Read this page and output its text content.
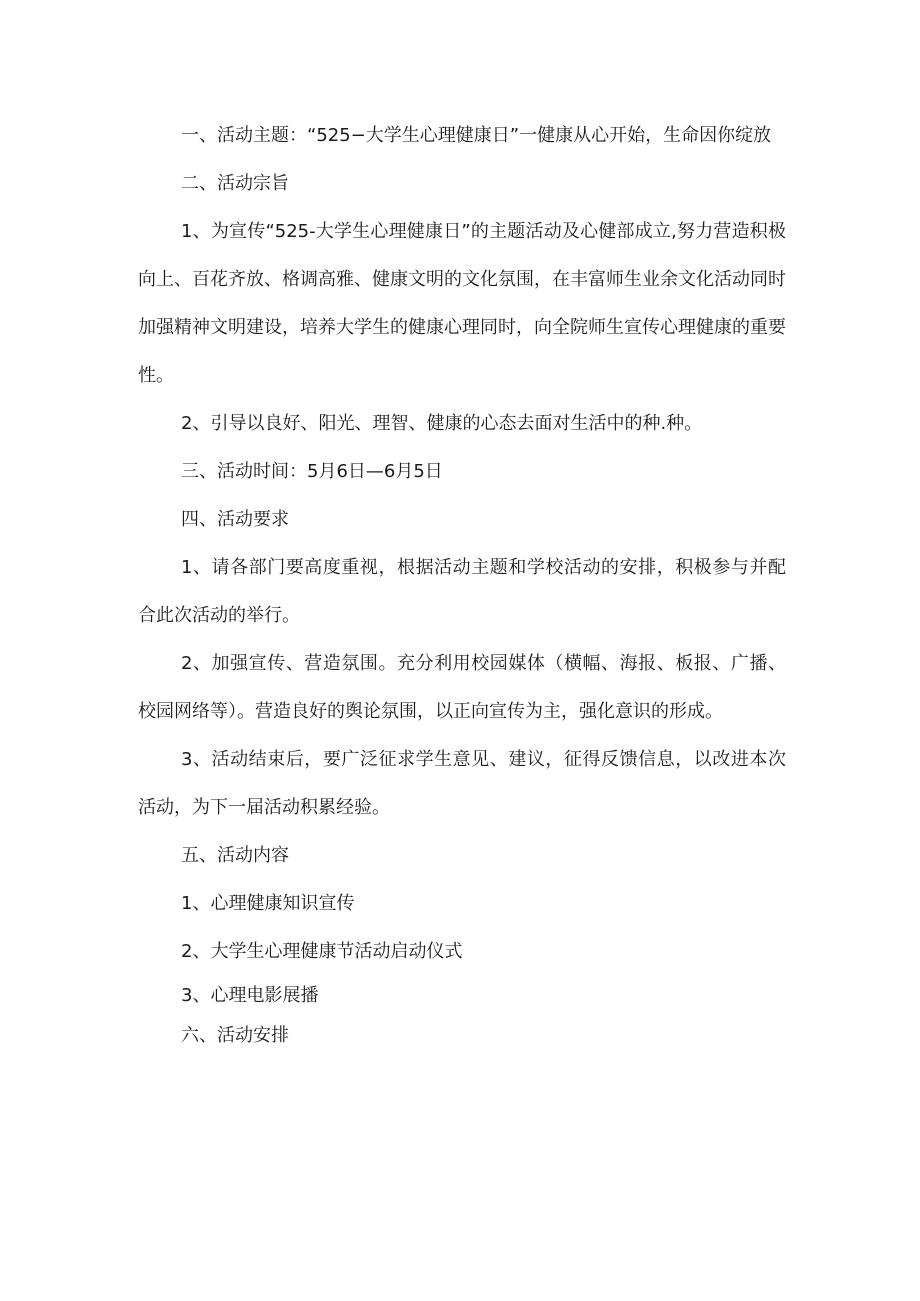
一、活动主题：“525−大学生心理健康日”一健康从心开始，生命因你绽放

二、活动宗旨

1、为宣传“525-大学生心理健康日”的主题活动及心健部成立,努力营造积极向上、百花齐放、格调高雅、健康文明的文化氛围，在丰富师生业余文化活动同时加强精神文明建设，培养大学生的健康心理同时，向全院师生宣传心理健康的重要性。

2、引导以良好、阳光、理智、健康的心态去面对生活中的种.种。

三、活动时间：5月6日—6月5日

四、活动要求

1、请各部门要高度重视，根据活动主题和学校活动的安排，积极参与并配合此次活动的举行。

2、加强宣传、营造氛围。充分利用校园媒体（横幅、海报、板报、广播、校园网络等）。营造良好的舆论氛围，以正向宣传为主，强化意识的形成。

3、活动结束后，要广泛征求学生意见、建议，征得反馈信息，以改进本次活动，为下一届活动积累经验。

五、活动内容

1、心理健康知识宣传

2、大学生心理健康节活动启动仪式

3、心理电影展播

六、活动安排
